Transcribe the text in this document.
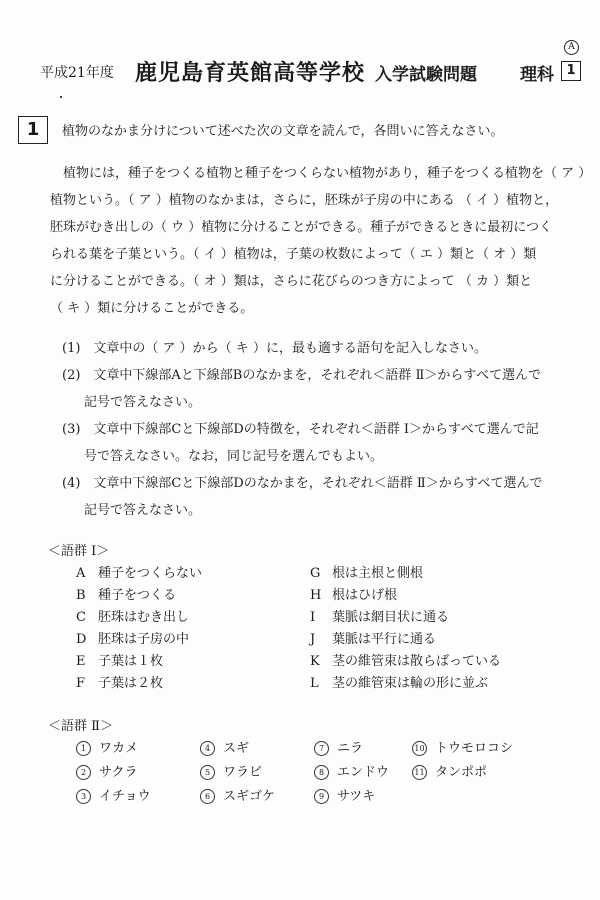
A
平成21年度 鹿児島育英館高等学校 入学試験問題	理科 1
1	植物のなかま分けについて述べた次の文章を読んで，各問いに答えなさい。
植物には，種子をつくる植物と種子をつくらない植物があり，種子をつくる植物を（ ア ）
植物という。（ ア ）植物のなかまは，さらに，胚珠が子房の中にある （ イ ）植物と，
胚珠がむき出しの（ ウ ）植物に分けることができる。種子ができるときに最初につく
られる葉を子葉という。（ イ ）植物は，子葉の枚数によって（ エ ）類と（ オ ）類
に分けることができる。（ オ ）類は，さらに花びらのつき方によって （ カ ）類と
（ キ ）類に分けることができる。
(1)　文章中の（ ア ）から（ キ ）に，最も適する語句を記入しなさい。
(2)　文章中下線部Aと下線部Bのなかまを，それぞれ＜語群 Ⅱ＞からすべて選んで
記号で答えなさい。
(3)　文章中下線部Cと下線部Dの特徴を，それぞれ＜語群 Ⅰ＞からすべて選んで記
号で答えなさい。なお，同じ記号を選んでもよい。
(4)　文章中下線部Cと下線部Dのなかまを，それぞれ＜語群 Ⅱ＞からすべて選んで
記号で答えなさい。
＜語群 Ⅰ＞
A 種子をつくらない
B 種子をつくる
C 胚珠はむき出し
D 胚珠は子房の中
E 子葉は１枚
F 子葉は２枚
G 根は主根と側根
H 根はひげ根
I 葉脈は網目状に通る
J 葉脈は平行に通る
K 茎の維管束は散らばっている
L 茎の維管束は輪の形に並ぶ
＜語群 Ⅱ＞
1 ワカメ
2 サクラ
3 イチョウ
4 スギ
5 ワラビ
6 スギゴケ
7 ニラ
8 エンドウ
9 サツキ
10 トウモロコシ
11 タンポポ
